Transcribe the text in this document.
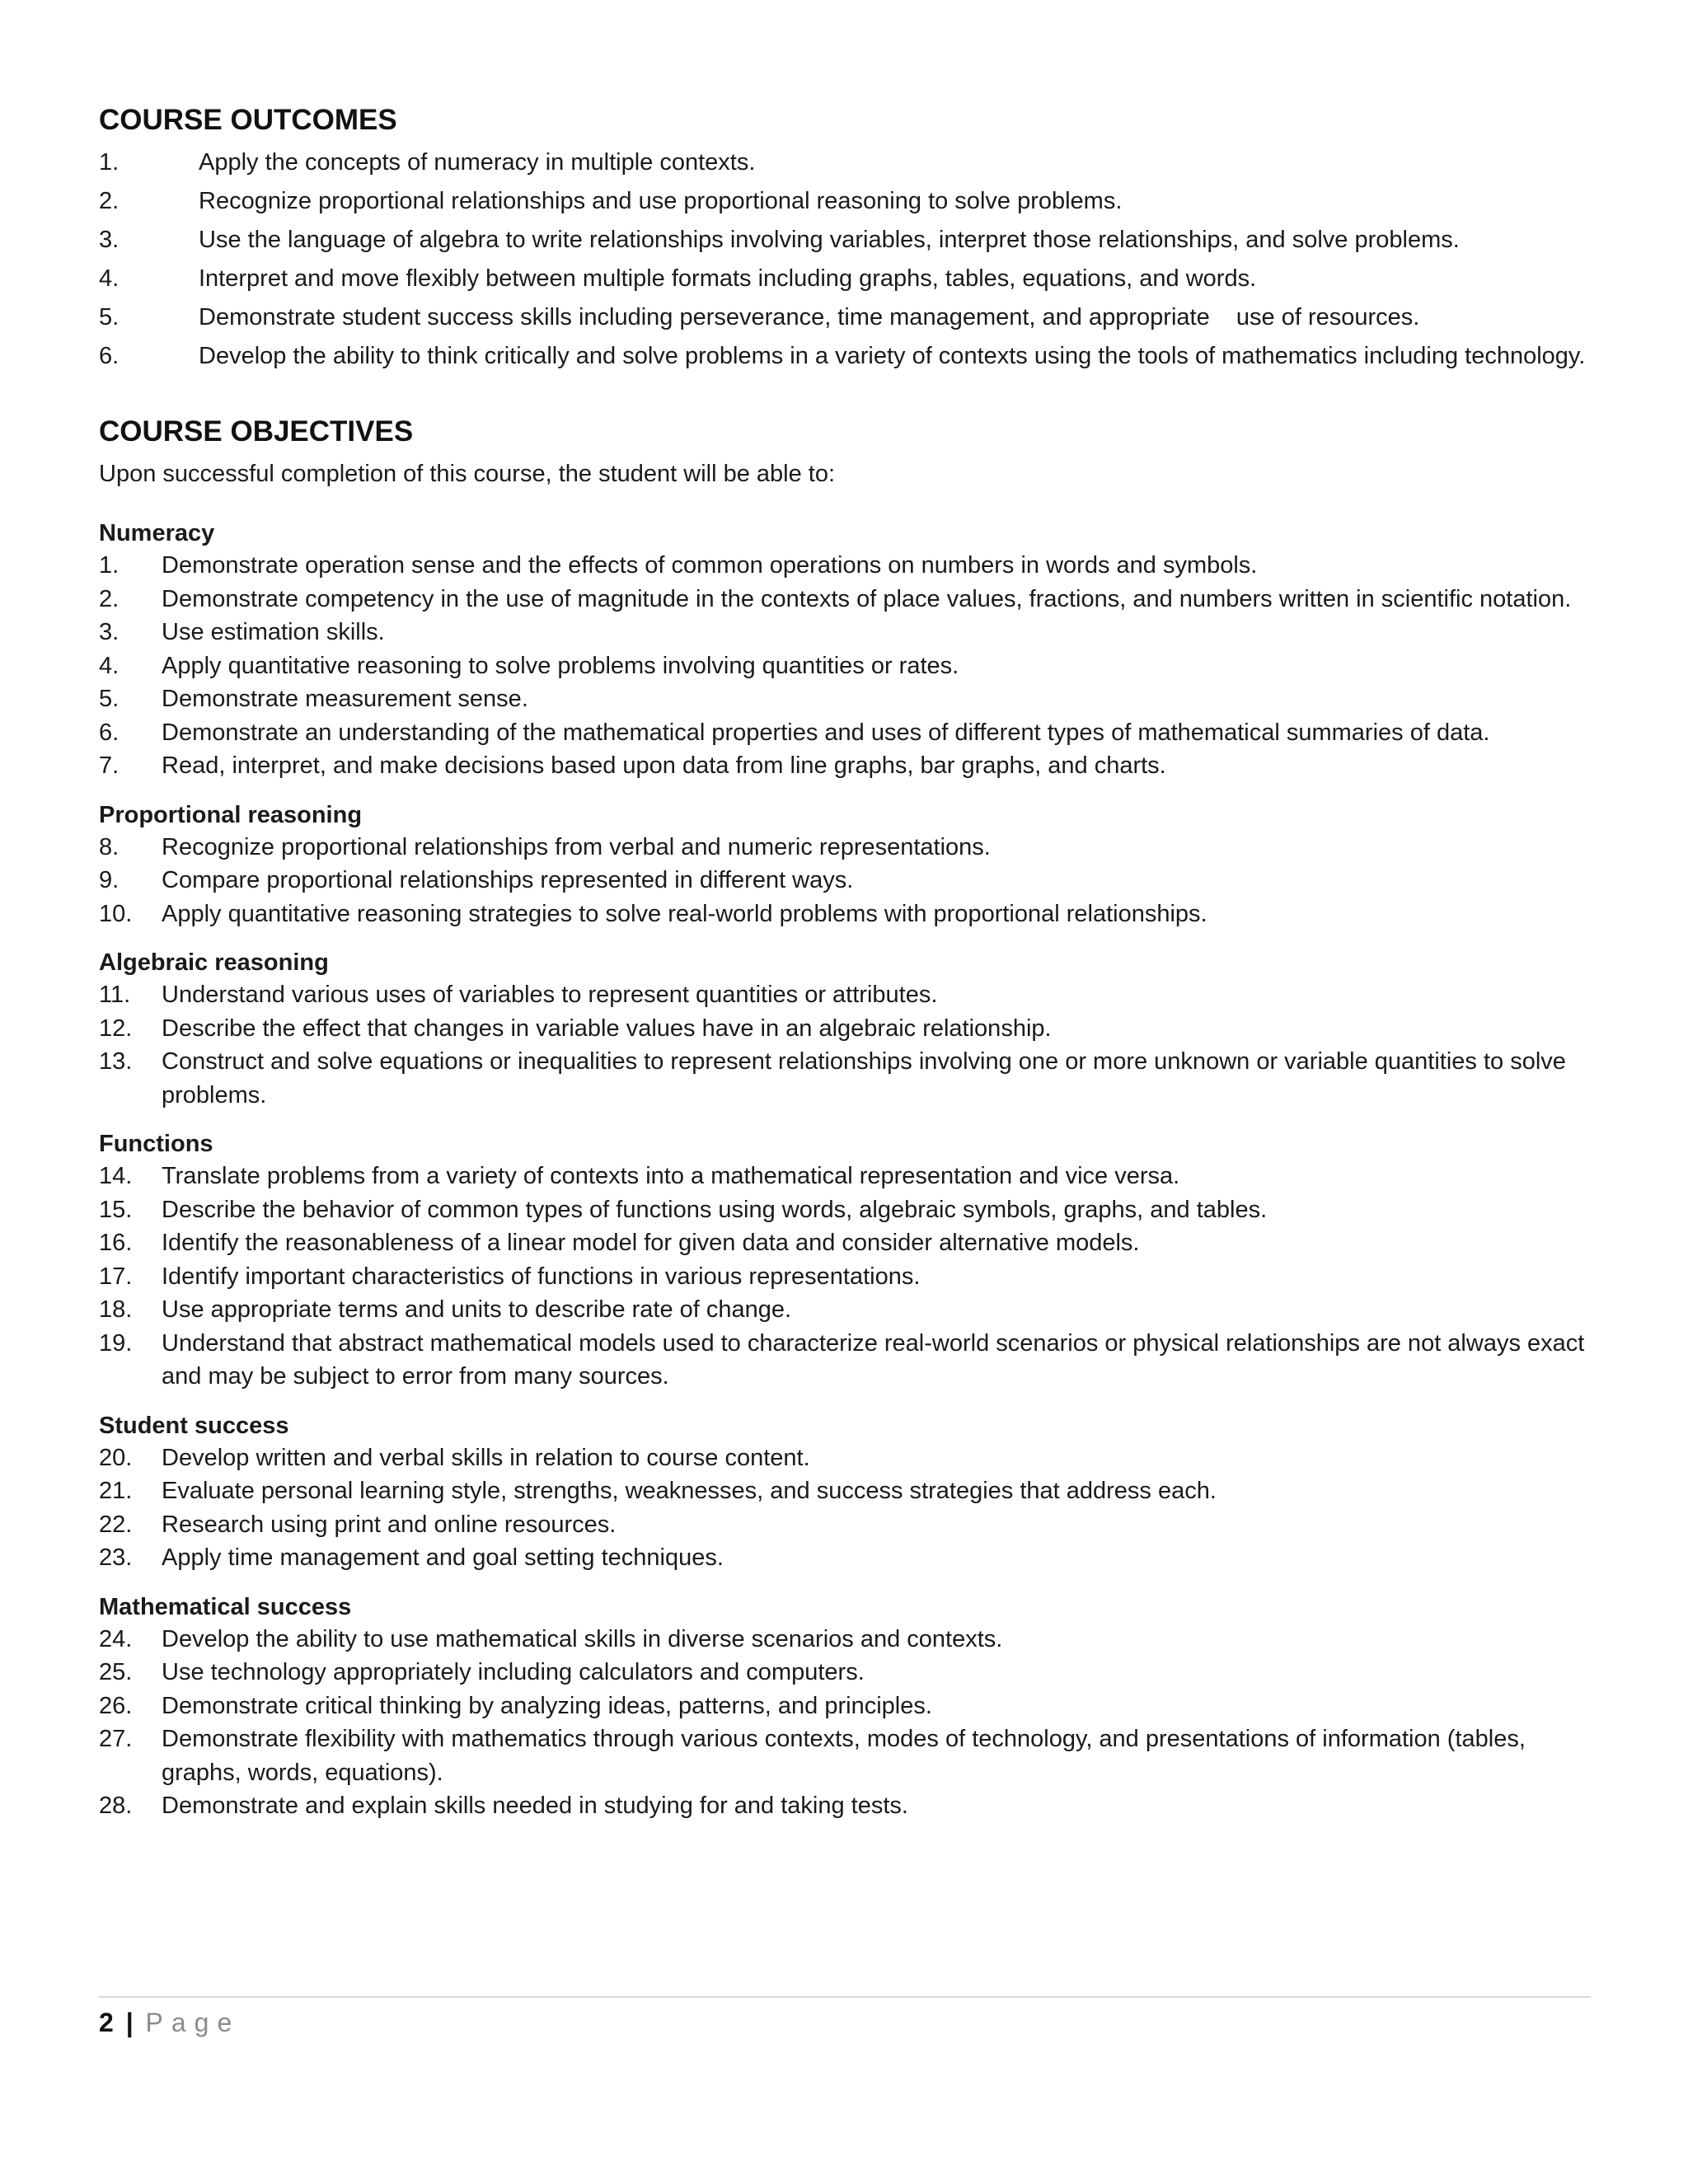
COURSE OUTCOMES
1.	Apply the concepts of numeracy in multiple contexts.
2.	Recognize proportional relationships and use proportional reasoning to solve problems.
3.	Use the language of algebra to write relationships involving variables, interpret those relationships, and solve problems.
4.	Interpret and move flexibly between multiple formats including graphs, tables, equations, and words.
5.	Demonstrate student success skills including perseverance, time management, and appropriate    use of resources.
6.	Develop the ability to think critically and solve problems in a variety of contexts using the tools of mathematics including technology.
COURSE OBJECTIVES

Upon successful completion of this course, the student will be able to:

Numeracy

1.	Demonstrate operation sense and the effects of common operations on numbers in words and symbols.
2.	Demonstrate competency in the use of magnitude in the contexts of place values, fractions, and numbers written in scientific notation.
3.	Use estimation skills.
4.	Apply quantitative reasoning to solve problems involving quantities or rates.
5.	Demonstrate measurement sense.
6.	Demonstrate an understanding of the mathematical properties and uses of different types of mathematical summaries of data.
7.	Read, interpret, and make decisions based upon data from line graphs, bar graphs, and charts.

Proportional reasoning

8.	Recognize proportional relationships from verbal and numeric representations.
9.	Compare proportional relationships represented in different ways.
10.	Apply quantitative reasoning strategies to solve real-world problems with proportional relationships.

Algebraic reasoning

11.	Understand various uses of variables to represent quantities or attributes.
12.	Describe the effect that changes in variable values have in an algebraic relationship.
13.	Construct and solve equations or inequalities to represent relationships involving one or more unknown or variable quantities to solve problems.

Functions

14.	Translate problems from a variety of contexts into a mathematical representation and vice versa.
15.	Describe the behavior of common types of functions using words, algebraic symbols, graphs, and tables.
16.	Identify the reasonableness of a linear model for given data and consider alternative models.
17.	Identify important characteristics of functions in various representations.
18.	Use appropriate terms and units to describe rate of change.
19.	Understand that abstract mathematical models used to characterize real-world scenarios or physical relationships are not always exact and may be subject to error from many sources.

Student success

20.	Develop written and verbal skills in relation to course content.
21.	Evaluate personal learning style, strengths, weaknesses, and success strategies that address each.
22.	Research using print and online resources.
23.	Apply time management and goal setting techniques.

Mathematical success

24.	Develop the ability to use mathematical skills in diverse scenarios and contexts.
25.	Use technology appropriately including calculators and computers.
26.	Demonstrate critical thinking by analyzing ideas, patterns, and principles.
27.	Demonstrate flexibility with mathematics through various contexts, modes of technology, and presentations of information (tables, graphs, words, equations).
28.	Demonstrate and explain skills needed in studying for and taking tests.
2 | Page
